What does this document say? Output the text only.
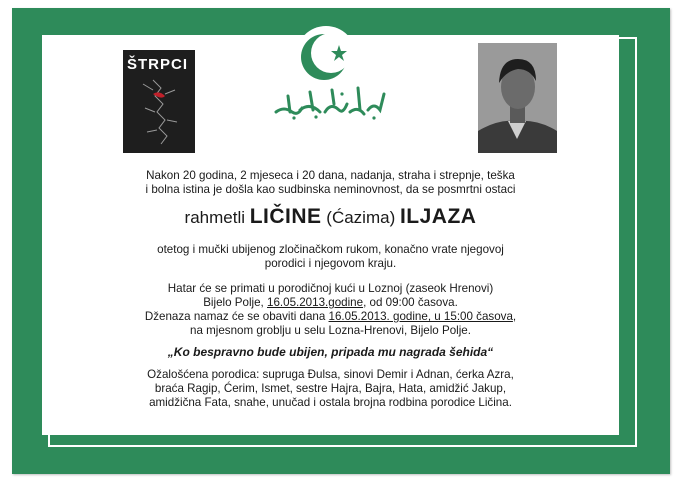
ŠTRPCI
Nakon 20 godina, 2 mjeseca i 20 dana, nadanja, straha i strepnje, teška
i bolna istina je došla kao sudbinska neminovnost, da se posmrtni ostaci
rahmetli LIČINE (Ćazima) ILJAZA
otetog i mučki ubijenog zločinačkom rukom, konačno vrate njegovoj
porodici i njegovom kraju.
Hatar će se primati u porodičnoj kući u Loznoj (zaseok Hrenovi)
Bijelo Polje, 16.05.2013.godine, od 09:00 časova.
Dženaza namaz će se obaviti dana 16.05.2013. godine, u 15:00 časova,
na mjesnom groblju u selu Lozna-Hrenovi, Bijelo Polje.
„Ko bespravno bude ubijen, pripada mu nagrada šehida“
Ožalošćena porodica: supruga Đulsa, sinovi Demir i Adnan, ćerka Azra,
braća Ragip, Ćerim, Ismet, sestre Hajra, Bajra, Hata, amidžić Jakup,
amidžična Fata, snahe, unučad i ostala brojna rodbina porodice Ličina.
